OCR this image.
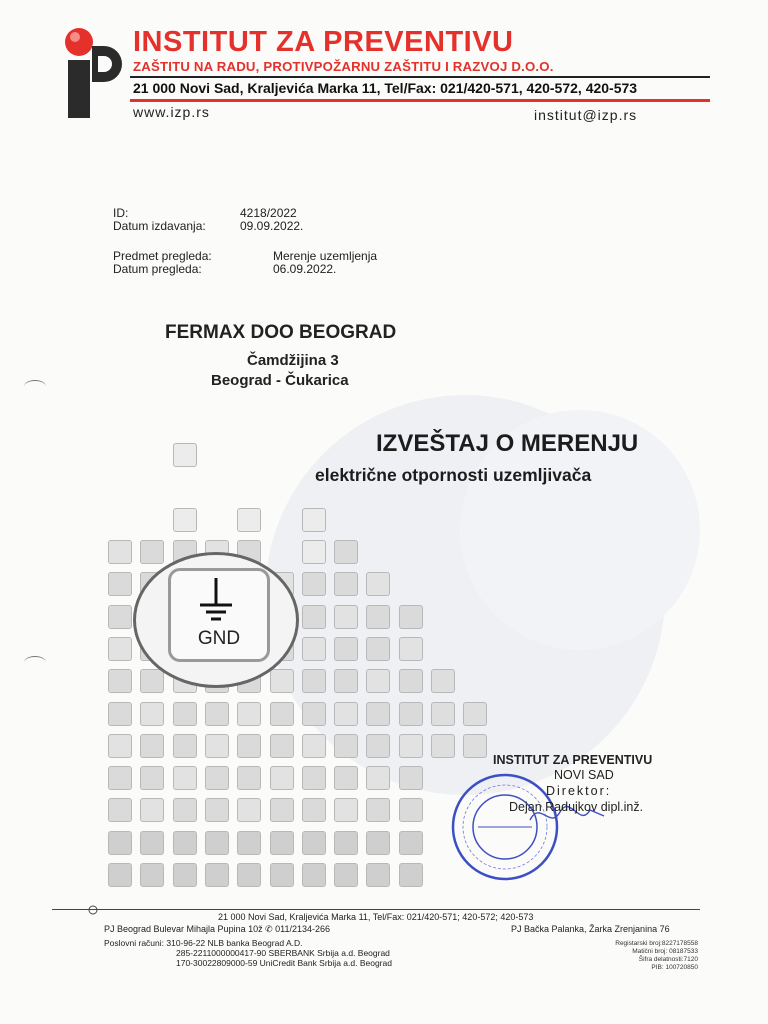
INSTITUT ZA PREVENTIVU
ZAŠTITU NA RADU, PROTIVPOŽARNU ZAŠTITU I RAZVOJ D.O.O.
21 000 Novi Sad, Kraljevića Marka 11, Tel/Fax: 021/420-571, 420-572, 420-573
www.izp.rs	institut@izp.rs
ID:	4218/2022
Datum izdavanja:	09.09.2022.
Predmet pregleda:	Merenje uzemljenja
Datum pregleda:	06.09.2022.
FERMAX DOO BEOGRAD
Čamdžijina 3
Beograd - Čukarica
IZVEŠTAJ O MERENJU
električne otpornosti uzemljivača
GND
INSTITUT ZA PREVENTIVU
NOVI SAD
Direktor:
Dejan Radujkov dipl.inž.
21 000 Novi Sad, Kraljevića Marka 11, Tel/Fax: 021/420-571; 420-572; 420-573
PJ Beograd Bulevar Mihajla Pupina 10ž ✆ 011/2134-266	PJ Bačka Palanka, Žarka Zrenjanina 76
Poslovni računi: 310-96-22 NLB banka Beograd A.D.
285-2211000000417-90 SBERBANK Srbija a.d. Beograd
170-30022809000-59 UniCredit Bank Srbija a.d. Beograd
Registarski broj:8227178558
Matični broj: 08187533
Šifra delatnosti:7120
PIB: 100720850
